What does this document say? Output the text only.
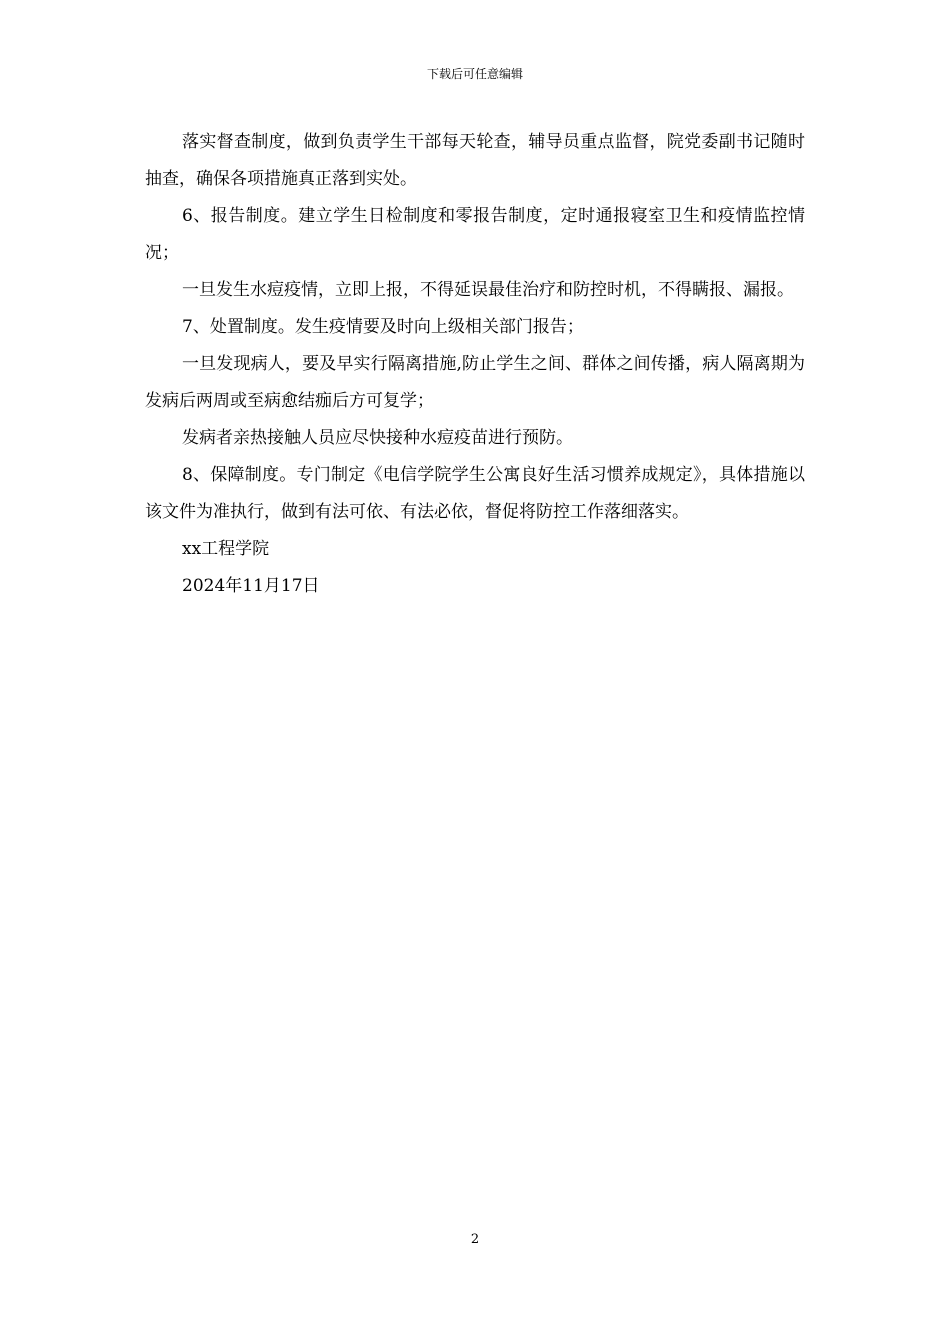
下载后可任意编辑

落实督查制度，做到负责学生干部每天轮查，辅导员重点监督，院党委副书记随时抽查，确保各项措施真正落到实处。

6、报告制度。建立学生日检制度和零报告制度，定时通报寝室卫生和疫情监控情况；

一旦发生水痘疫情，立即上报，不得延误最佳治疗和防控时机，不得瞒报、漏报。

7、处置制度。发生疫情要及时向上级相关部门报告；

一旦发现病人，要及早实行隔离措施,防止学生之间、群体之间传播，病人隔离期为发病后两周或至病愈结痂后方可复学；

发病者亲热接触人员应尽快接种水痘疫苗进行预防。

8、保障制度。专门制定《电信学院学生公寓良好生活习惯养成规定》，具体措施以该文件为准执行，做到有法可依、有法必依，督促将防控工作落细落实。

xx工程学院

2024年11月17日

2
